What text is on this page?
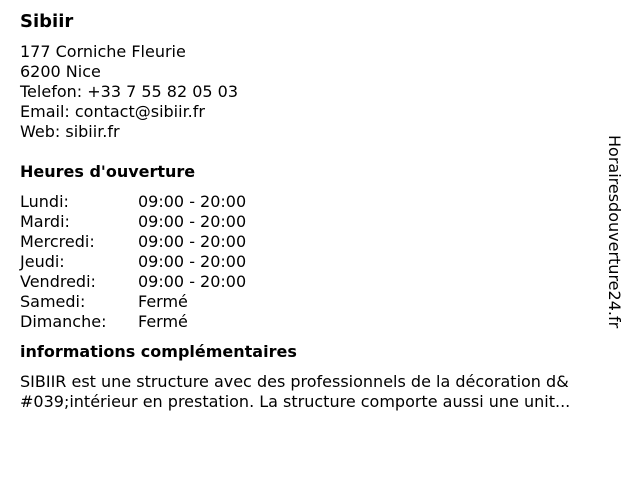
Sibiir
177 Corniche Fleurie
6200 Nice
Telefon: +33 7 55 82 05 03
Email: contact@sibiir.fr
Web: sibiir.fr
Heures d'ouverture
Lundi:	09:00 - 20:00
Mardi:	09:00 - 20:00
Mercredi:	09:00 - 20:00
Jeudi:	09:00 - 20:00
Vendredi:	09:00 - 20:00
Samedi:	Fermé
Dimanche:	Fermé
informations complémentaires
SIBIIR est une structure avec des professionnels de la décoration d&
#039;intérieur en prestation. La structure comporte aussi une unit...
Horairesdouverture24.fr
